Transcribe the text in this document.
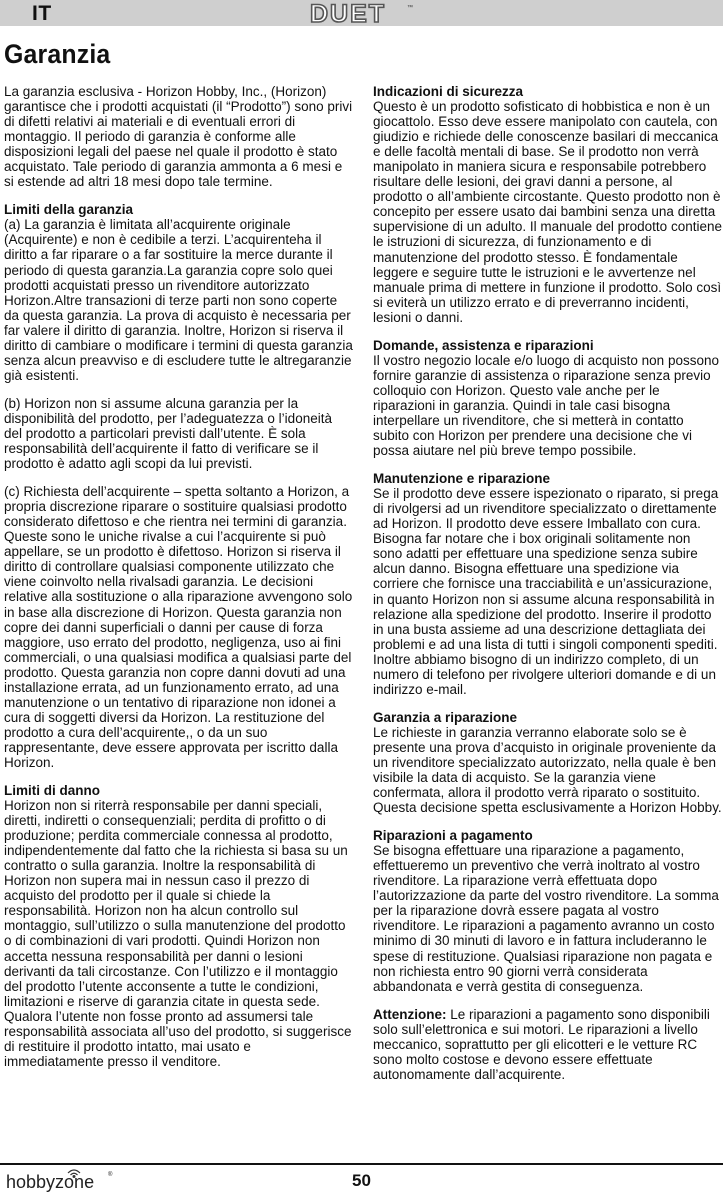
IT	DUET	™
Garanzia

La garanzia esclusiva - Horizon Hobby, Inc., (Horizon) garantisce che i prodotti acquistati (il “Prodotto”) sono privi di difetti relativi ai materiali e di eventuali errori di montaggio. Il periodo di garanzia è conforme alle disposizioni legali del paese nel quale il prodotto è stato acquistato. Tale periodo di garanzia ammonta a 6 mesi e si estende ad altri 18 mesi dopo tale termine.

Limiti della garanzia

(a) La garanzia è limitata all’acquirente originale (Acquirente) e non è cedibile a terzi. L’acquirenteha il diritto a far riparare o a far sostituire la merce durante il periodo di questa garanzia.La garanzia copre solo quei prodotti acquistati presso un rivenditore autorizzato Horizon.Altre transazioni di terze parti non sono coperte da questa garanzia. La prova di acquisto è necessaria per far valere il diritto di garanzia. Inoltre, Horizon si riserva il diritto di cambiare o modificare i termini di questa garanzia senza alcun preavviso e di escludere tutte le altregaranzie già esistenti.

(b) Horizon non si assume alcuna garanzia per la disponibilità del prodotto, per l’adeguatezza o l’idoneità del prodotto a particolari previsti dall’utente. È sola responsabilità dell’acquirente il fatto di verificare se il prodotto è adatto agli scopi da lui previsti.

(c) Richiesta dell’acquirente – spetta soltanto a Horizon, a propria discrezione riparare o sostituire qualsiasi prodotto considerato difettoso e che rientra nei termini di garanzia. Queste sono le uniche rivalse a cui l’acquirente si può appellare, se un prodotto è difettoso. Horizon si riserva il diritto di controllare qualsiasi componente utilizzato che viene coinvolto nella rivalsadi garanzia. Le decisioni relative alla sostituzione o alla riparazione avvengono solo in base alla discrezione di Horizon. Questa garanzia non copre dei danni superficiali o danni per cause di forza maggiore, uso errato del prodotto, negligenza, uso ai fini commerciali, o una qualsiasi modifica a qualsiasi parte del prodotto. Questa garanzia non copre danni dovuti ad una installazione errata, ad un funzionamento errato, ad una manutenzione o un tentativo di riparazione non idonei a cura di soggetti diversi da Horizon. La restituzione del prodotto a cura dell’acquirente,, o da un suo rappresentante, deve essere approvata per iscritto dalla Horizon.

Limiti di danno

Horizon non si riterrà responsabile per danni speciali, diretti, indiretti o consequenziali; perdita di profitto o di produzione; perdita commerciale connessa al prodotto, indipendentemente dal fatto che la richiesta si basa su un contratto o sulla garanzia. Inoltre la responsabilità di Horizon non supera mai in nessun caso il prezzo di acquisto del prodotto per il quale si chiede la responsabilità. Horizon non ha alcun controllo sul montaggio, sull’utilizzo o sulla manutenzione del prodotto o di combinazioni di vari prodotti. Quindi Horizon non accetta nessuna responsabilità per danni o lesioni derivanti da tali circostanze. Con l’utilizzo e il montaggio del prodotto l’utente acconsente a tutte le condizioni, limitazioni e riserve di garanzia citate in questa sede. Qualora l’utente non fosse pronto ad assumersi tale responsabilità associata all’uso del prodotto, si suggerisce di restituire il prodotto intatto, mai usato e immediatamente presso il venditore.

Indicazioni di sicurezza

Questo è un prodotto sofisticato di hobbistica e non è un giocattolo. Esso deve essere manipolato con cautela, con giudizio e richiede delle conoscenze basilari di meccanica e delle facoltà mentali di base. Se il prodotto non verrà manipolato in maniera sicura e responsabile potrebbero risultare delle lesioni, dei gravi danni a persone, al prodotto o all’ambiente circostante. Questo prodotto non è concepito per essere usato dai bambini senza una diretta supervisione di un adulto. Il manuale del prodotto contiene le istruzioni di sicurezza, di funzionamento e di manutenzione del prodotto stesso. È fondamentale leggere e seguire tutte le istruzioni e le avvertenze nel manuale prima di mettere in funzione il prodotto. Solo così si eviterà un utilizzo errato e di preverranno incidenti, lesioni o danni.

Domande, assistenza e riparazioni

Il vostro negozio locale e/o luogo di acquisto non possono fornire garanzie di assistenza o riparazione senza previo colloquio con Horizon. Questo vale anche per le riparazioni in garanzia. Quindi in tale casi bisogna interpellare un rivenditore, che si metterà in contatto subito con Horizon per prendere una decisione che vi possa aiutare nel più breve tempo possibile.

Manutenzione e riparazione

Se il prodotto deve essere ispezionato o riparato, si prega di rivolgersi ad un rivenditore specializzato o direttamente ad Horizon. Il prodotto deve essere Imballato con cura. Bisogna far notare che i box originali solitamente non sono adatti per effettuare una spedizione senza subire alcun danno. Bisogna effettuare una spedizione via corriere che fornisce una tracciabilità e un’assicurazione, in quanto Horizon non si assume alcuna responsabilità in relazione alla spedizione del prodotto. Inserire il prodotto in una busta assieme ad una descrizione dettagliata dei problemi e ad una lista di tutti i singoli componenti spediti. Inoltre abbiamo bisogno di un indirizzo completo, di un numero di telefono per rivolgere ulteriori domande e di un indirizzo e-mail.

Garanzia a riparazione

Le richieste in garanzia verranno elaborate solo se è presente una prova d’acquisto in originale proveniente da un rivenditore specializzato autorizzato, nella quale è ben visibile la data di acquisto. Se la garanzia viene confermata, allora il prodotto verrà riparato o sostituito. Questa decisione spetta esclusivamente a Horizon Hobby.

Riparazioni a pagamento

Se bisogna effettuare una riparazione a pagamento, effettueremo un preventivo che verrà inoltrato al vostro rivenditore. La riparazione verrà effettuata dopo l’autorizzazione da parte del vostro rivenditore. La somma per la riparazione dovrà essere pagata al vostro rivenditore. Le riparazioni a pagamento avranno un costo minimo di 30 minuti di lavoro e in fattura includeranno le spese di restituzione. Qualsiasi riparazione non pagata e non richiesta entro 90 giorni verrà considerata abbandonata e verrà gestita di conseguenza.

Attenzione: Le riparazioni a pagamento sono disponibili solo sull’elettronica e sui motori. Le riparazioni a livello meccanico, soprattutto per gli elicotteri e le vetture RC sono molto costose e devono essere effettuate autonomamente dall’acquirente.

hobbyzone ®	50
